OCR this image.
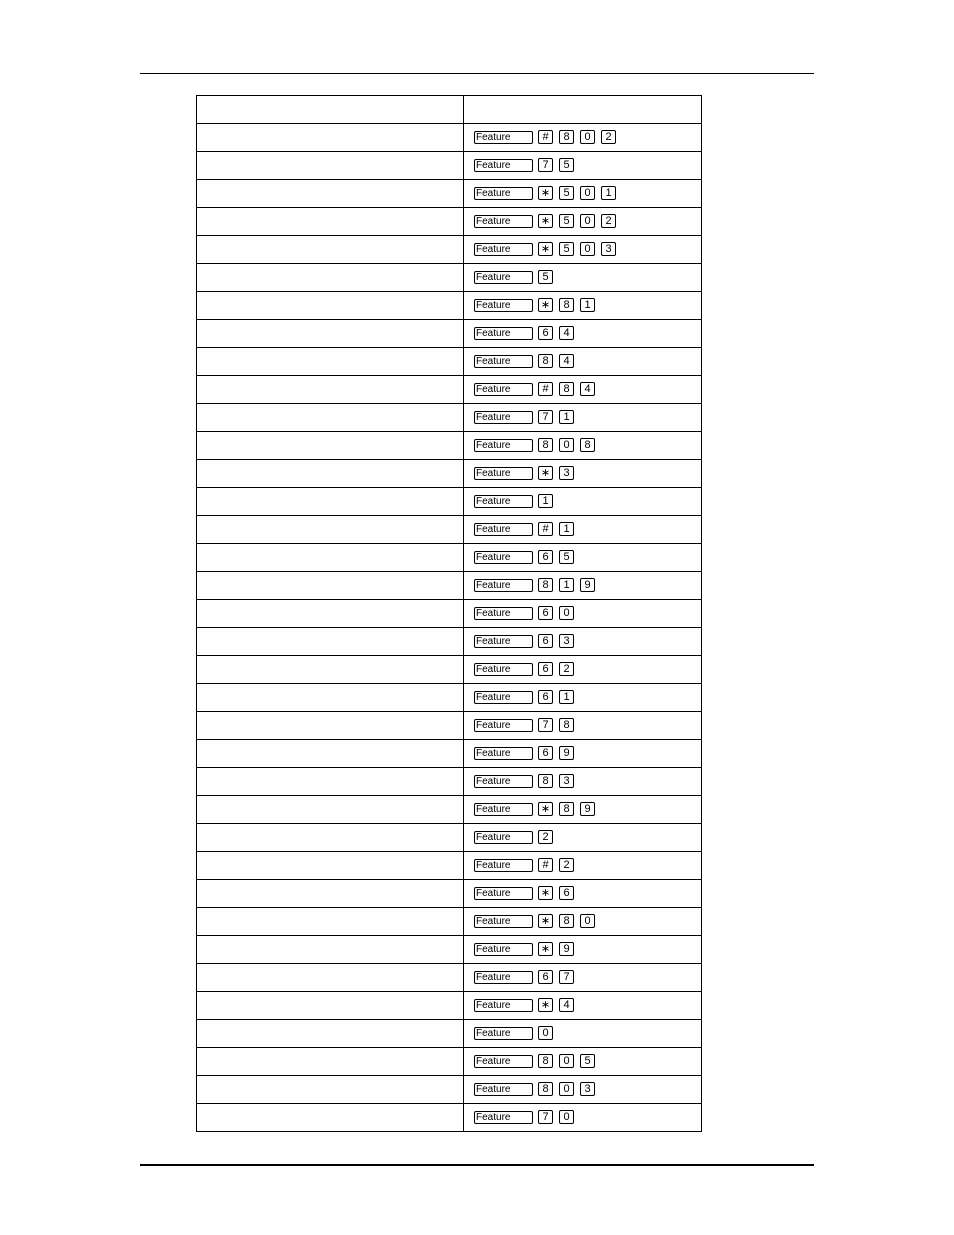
	Feature # 8 0 2
	Feature 7 5
	Feature ∗ 5 0 1
	Feature ∗ 5 0 2
	Feature ∗ 5 0 3
	Feature 5
	Feature ∗ 8 1
	Feature 6 4
	Feature 8 4
	Feature # 8 4
	Feature 7 1
	Feature 8 0 8
	Feature ∗ 3
	Feature 1
	Feature # 1
	Feature 6 5
	Feature 8 1 9
	Feature 6 0
	Feature 6 3
	Feature 6 2
	Feature 6 1
	Feature 7 8
	Feature 6 9
	Feature 8 3
	Feature ∗ 8 9
	Feature 2
	Feature # 2
	Feature ∗ 6
	Feature ∗ 8 0
	Feature ∗ 9
	Feature 6 7
	Feature ∗ 4
	Feature 0
	Feature 8 0 5
	Feature 8 0 3
	Feature 7 0
